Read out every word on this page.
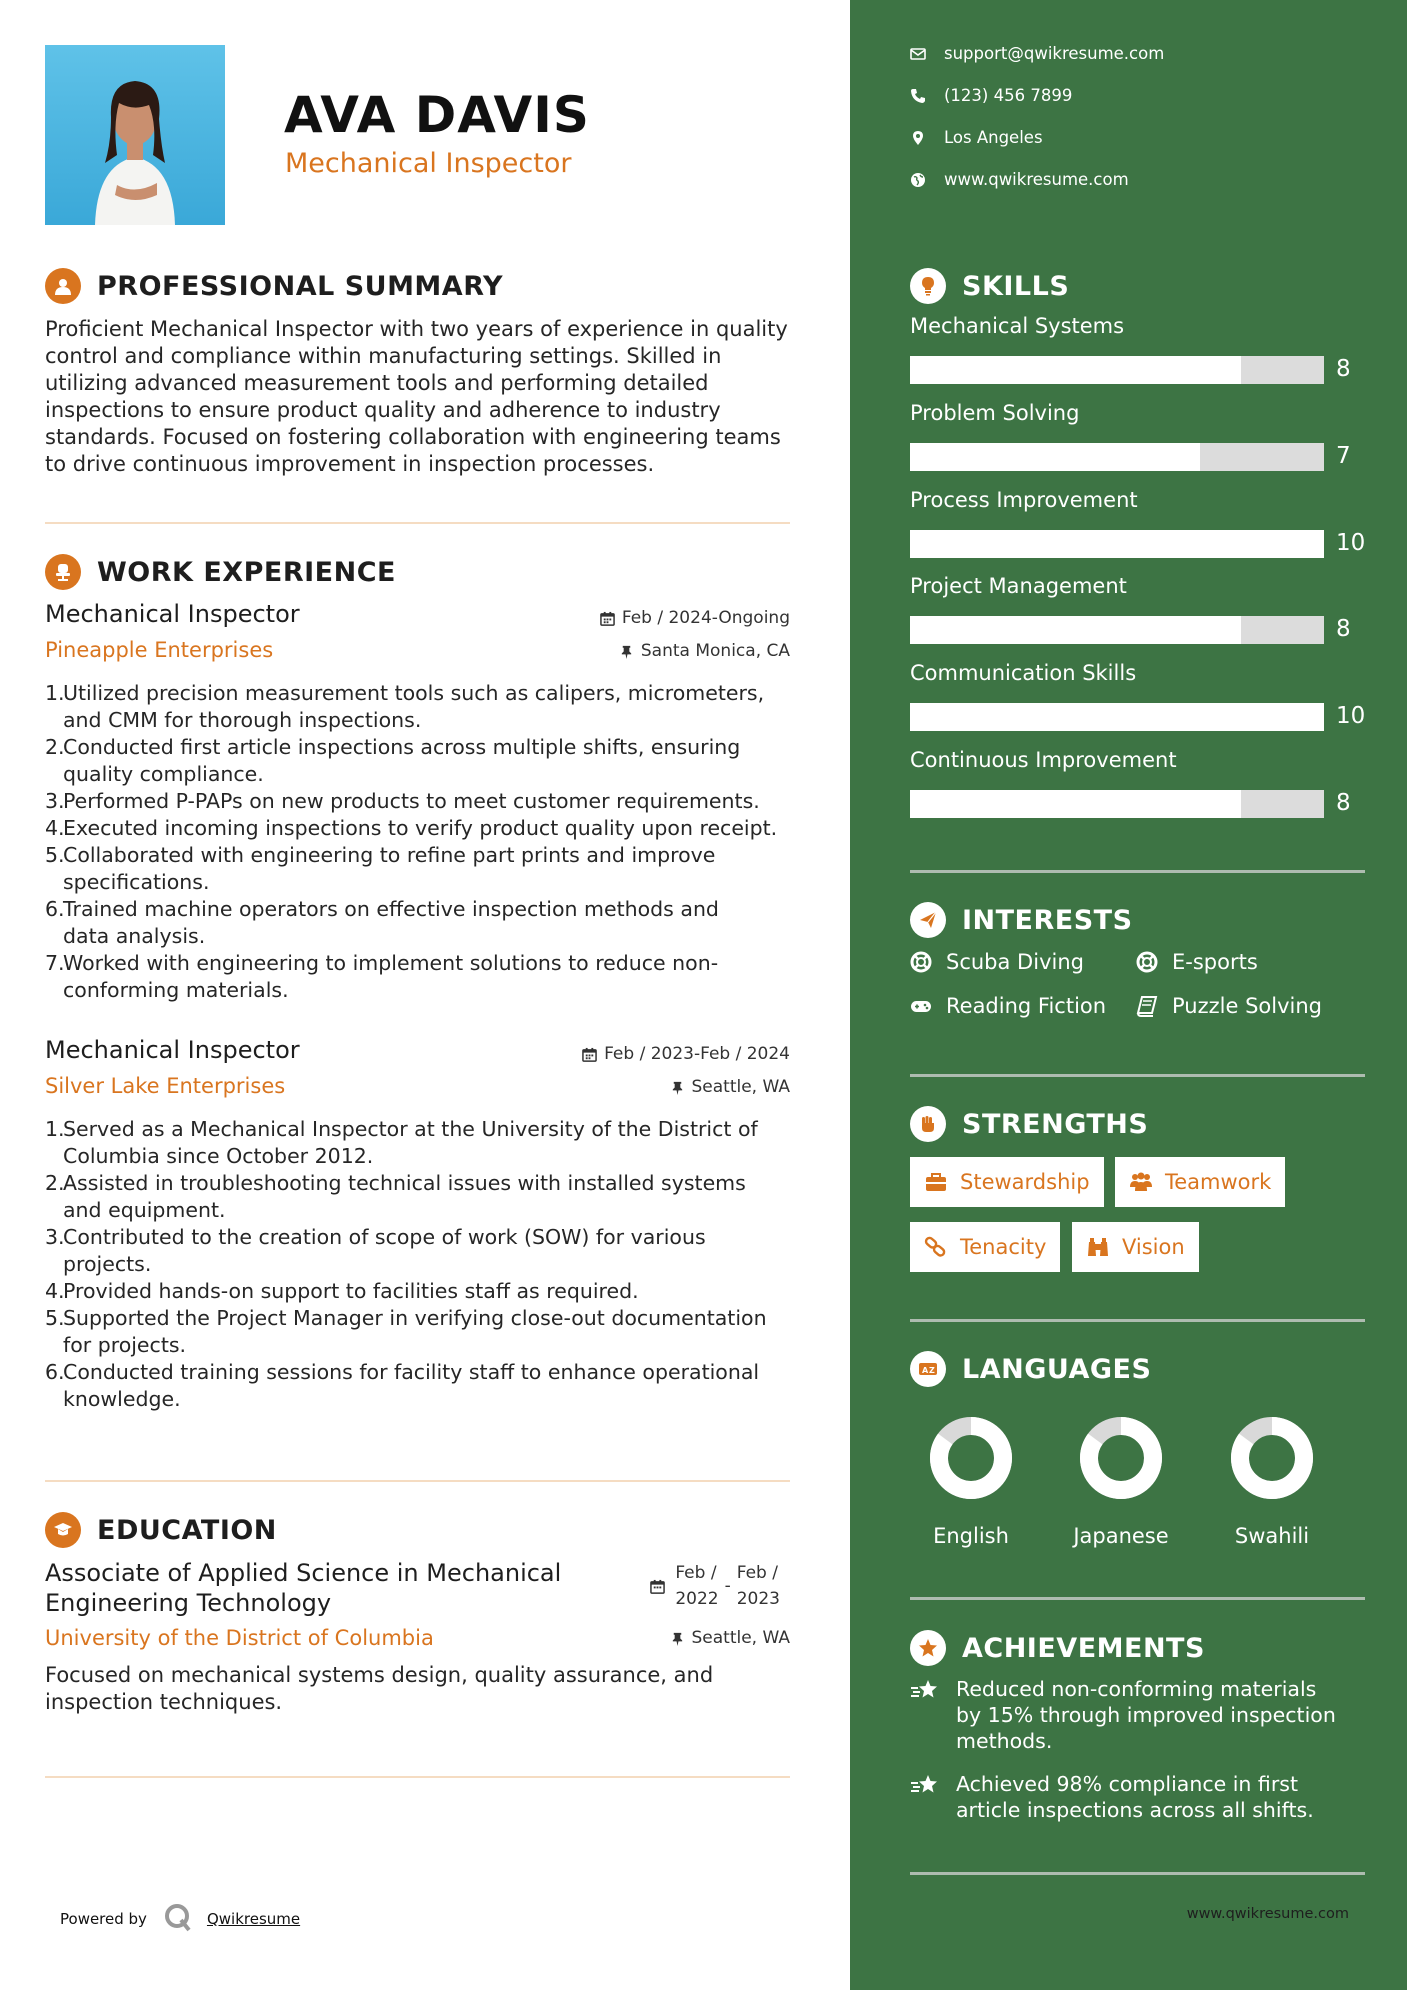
AVA DAVIS
Mechanical Inspector
PROFESSIONAL SUMMARY
Proficient Mechanical Inspector with two years of experience in quality
control and compliance within manufacturing settings. Skilled in
utilizing advanced measurement tools and performing detailed
inspections to ensure product quality and adherence to industry
standards. Focused on fostering collaboration with engineering teams
to drive continuous improvement in inspection processes.
WORK EXPERIENCE
Mechanical Inspector
Pineapple Enterprises
Feb / 2024-Ongoing
Santa Monica, CA
1.
Utilized precision measurement tools such as calipers, micrometers,
and CMM for thorough inspections.
2.
Conducted first article inspections across multiple shifts, ensuring
quality compliance.
3.
Performed P-PAPs on new products to meet customer requirements.
4.
Executed incoming inspections to verify product quality upon receipt.
5.
Collaborated with engineering to refine part prints and improve
specifications.
6.
Trained machine operators on effective inspection methods and
data analysis.
7.
Worked with engineering to implement solutions to reduce non-
conforming materials.
Mechanical Inspector
Silver Lake Enterprises
Feb / 2023-Feb / 2024
Seattle, WA
1.
Served as a Mechanical Inspector at the University of the District of
Columbia since October 2012.
2.
Assisted in troubleshooting technical issues with installed systems
and equipment.
3.
Contributed to the creation of scope of work (SOW) for various
projects.
4.
Provided hands-on support to facilities staff as required.
5.
Supported the Project Manager in verifying close-out documentation
for projects.
6.
Conducted training sessions for facility staff to enhance operational
knowledge.
EDUCATION
Associate of Applied Science in Mechanical
Engineering Technology
University of the District of Columbia
Feb /
2022
-
Feb /
2023
Seattle, WA
Focused on mechanical systems design, quality assurance, and
inspection techniques.
Powered by	Qwikresume
support@qwikresume.com
(123) 456 7899
Los Angeles
www.qwikresume.com
SKILLS
Mechanical Systems
8
Problem Solving
7
Process Improvement
10
Project Management
8
Communication Skills
10
Continuous Improvement
8
INTERESTS
Scuba Diving	E-sports
Reading Fiction	Puzzle Solving
STRENGTHS
Stewardship	Teamwork
Tenacity	Vision
A Z LANGUAGES
English	Japanese	Swahili
ACHIEVEMENTS
Reduced non-conforming materials
by 15% through improved inspection
methods.
Achieved 98% compliance in first
article inspections across all shifts.
www.qwikresume.com
